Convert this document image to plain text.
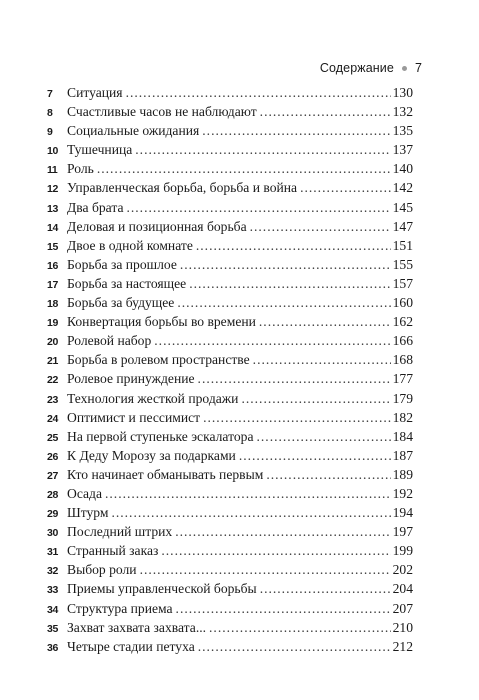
Содержание 7
7	Ситуация . . .	130
8	Счастливые часов не наблюдают . . .	132
9	Социальные ожидания . . .	135
10 Тушечница . . .	137
11 Роль . . .	140
12 Управленческая борьба, борьба и война . . .	142
13 Два брата . . .	145
14 Деловая и позиционная борьба . . .	147
15 Двое в одной комнате . . .	151
16 Борьба за прошлое . . .	155
17 Борьба за настоящее . . .	157
18 Борьба за будущее . . .	160
19 Конвертация борьбы во времени . . .	162
20 Ролевой набор . . .	166
21 Борьба в ролевом пространстве . . .	168
22 Ролевое принуждение . . .	177
23 Технология жесткой продажи . . .	179
24 Оптимист и пессимист . . .	182
25 На первой ступеньке эскалатора . . .	184
26 К Деду Морозу за подарками . . .	187
27 Кто начинает обманывать первым . . .	189
28 Осада . . .	192
29 Штурм . . .	194
30 Последний штрих . . .	197
31 Странный заказ . . .	199
32 Выбор роли . . .	202
33 Приемы управленческой борьбы . . .	204
34 Структура приема . . .	207
35 Захват захвата захвата... . . .	210
36 Четыре стадии петуха . . .	212
